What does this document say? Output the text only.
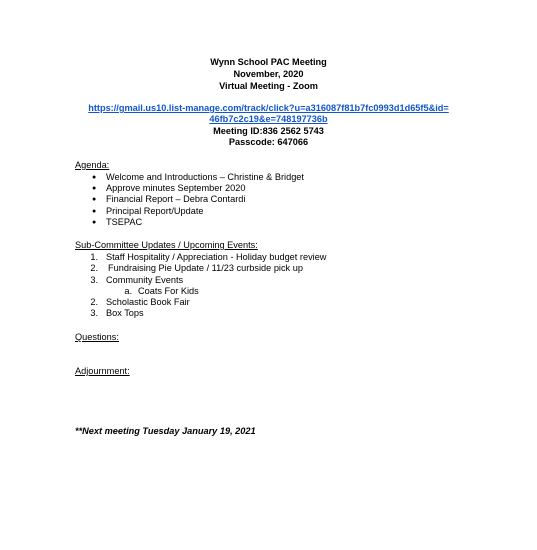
Wynn School PAC Meeting
November, 2020
Virtual Meeting - Zoom
https://gmail.us10.list-manage.com/track/click?u=a316087f81b7fc0993d1d65f5&id=
46fb7c2c19&e=748197736b
Meeting ID:836 2562 5743
Passcode: 647066
Agenda:
● Welcome and Introductions – Christine & Bridget
● Approve minutes September 2020
● Financial Report – Debra Contardi
● Principal Report/Update
● TSEPAC
Sub-Committee Updates / Upcoming Events:
1. Staff Hospitality / Appreciation - Holiday budget review
2. Fundraising Pie Update / 11/23 curbside pick up
3. Community Events
a. Coats For Kids
2. Scholastic Book Fair
3. Box Tops
Questions:
Adjournment:
**Next meeting Tuesday January 19, 2021
